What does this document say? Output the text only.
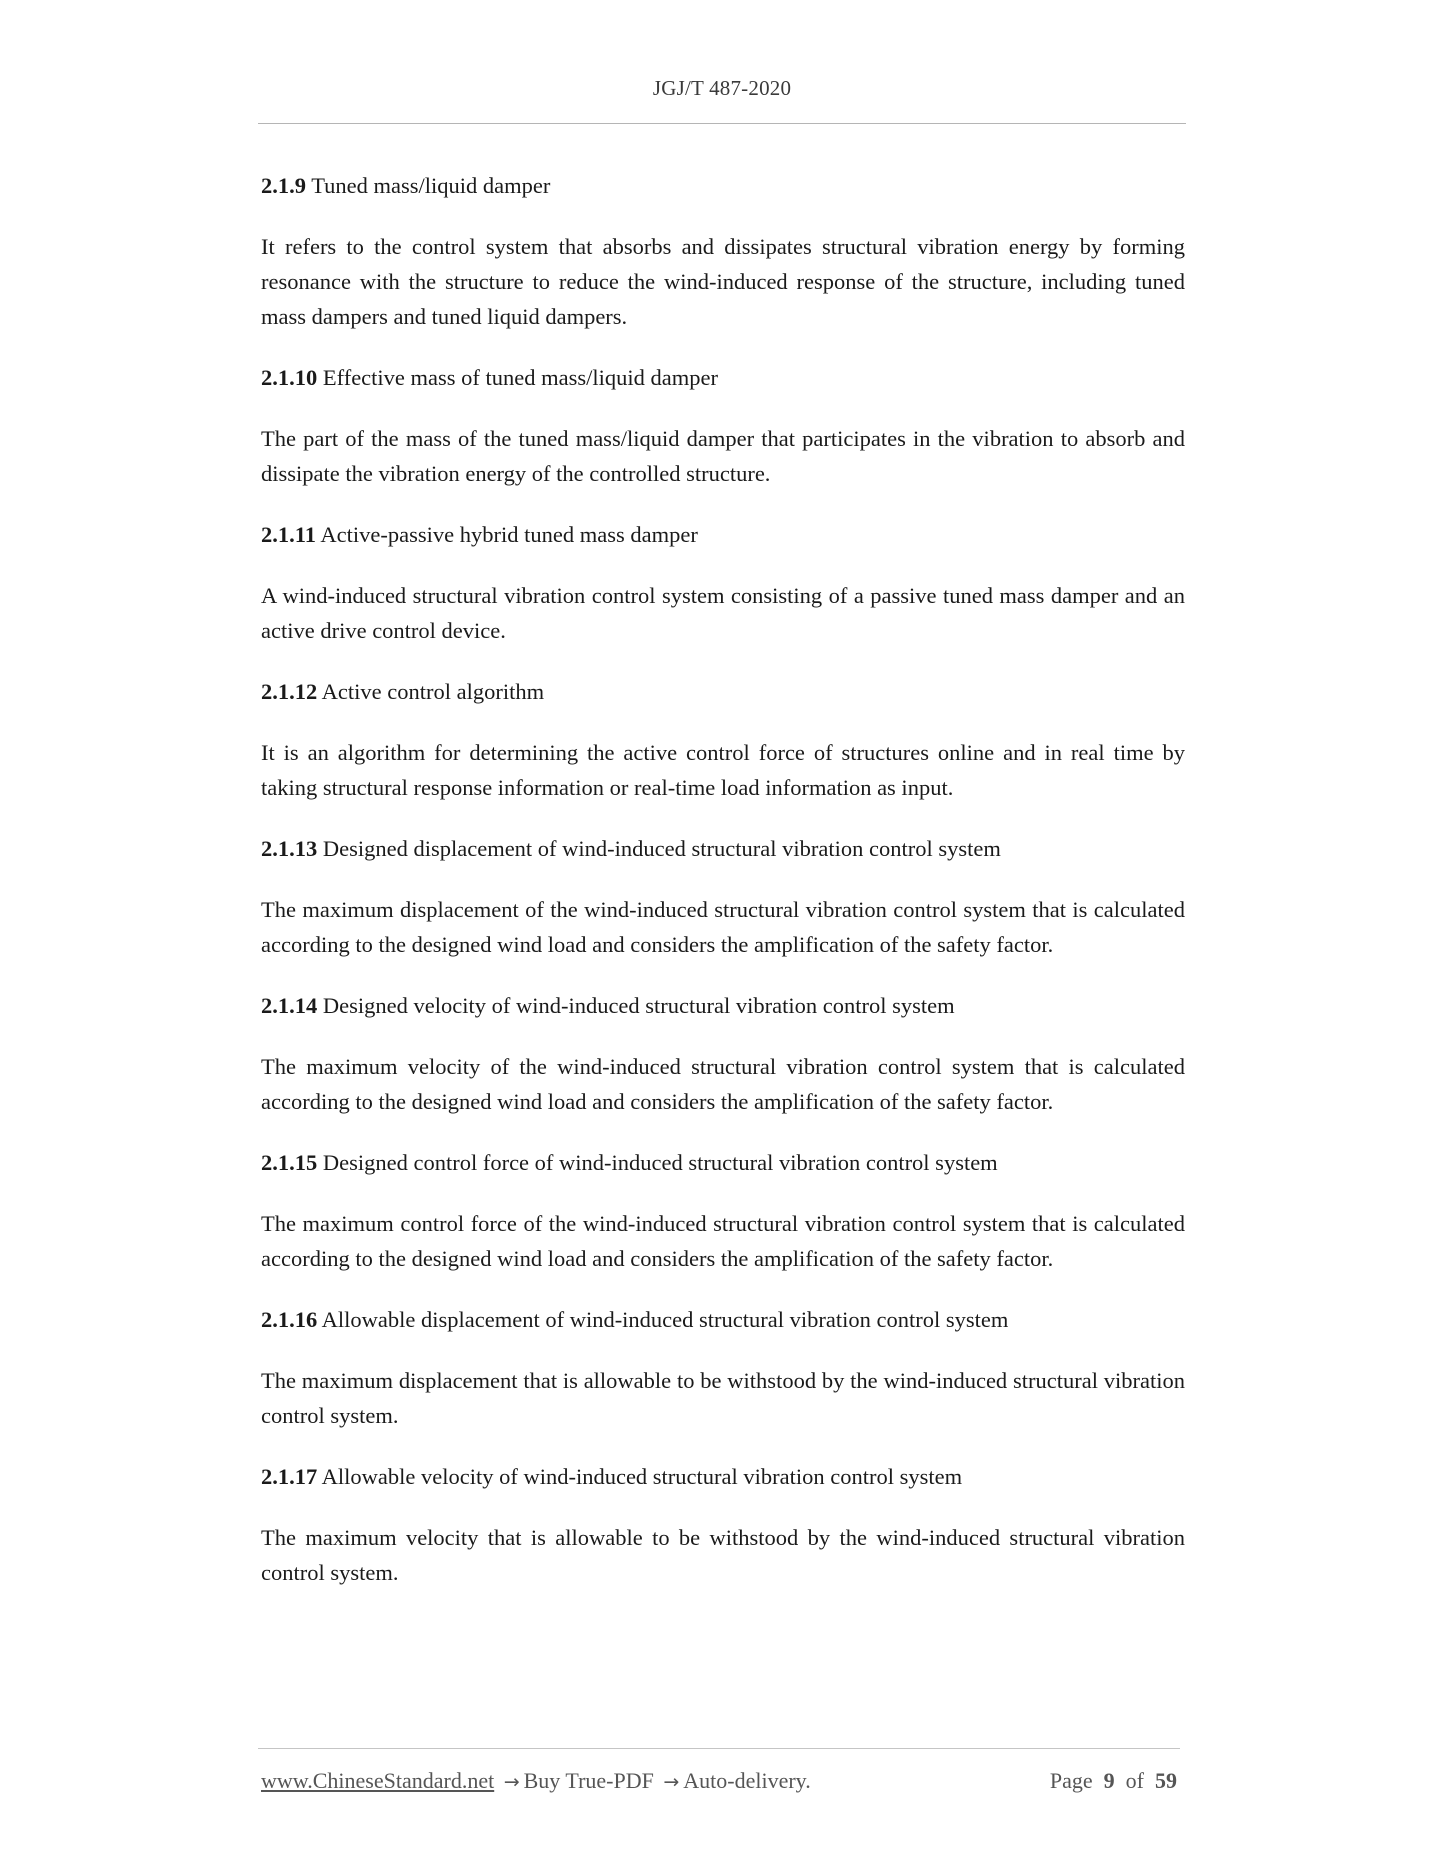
JGJ/T 487-2020
2.1.9 Tuned mass/liquid damper

It refers to the control system that absorbs and dissipates structural vibration energy by forming resonance with the structure to reduce the wind-induced response of the structure, including tuned mass dampers and tuned liquid dampers.

2.1.10 Effective mass of tuned mass/liquid damper

The part of the mass of the tuned mass/liquid damper that participates in the vibration to absorb and dissipate the vibration energy of the controlled structure.

2.1.11 Active-passive hybrid tuned mass damper

A wind-induced structural vibration control system consisting of a passive tuned mass damper and an active drive control device.

2.1.12 Active control algorithm

It is an algorithm for determining the active control force of structures online and in real time by taking structural response information or real-time load information as input.

2.1.13 Designed displacement of wind-induced structural vibration control system

The maximum displacement of the wind-induced structural vibration control system that is calculated according to the designed wind load and considers the amplification of the safety factor.

2.1.14 Designed velocity of wind-induced structural vibration control system

The maximum velocity of the wind-induced structural vibration control system that is calculated according to the designed wind load and considers the amplification of the safety factor.

2.1.15 Designed control force of wind-induced structural vibration control system

The maximum control force of the wind-induced structural vibration control system that is calculated according to the designed wind load and considers the amplification of the safety factor.

2.1.16 Allowable displacement of wind-induced structural vibration control system

The maximum displacement that is allowable to be withstood by the wind-induced structural vibration control system.

2.1.17 Allowable velocity of wind-induced structural vibration control system

The maximum velocity that is allowable to be withstood by the wind-induced structural vibration control system.

www.ChineseStandard.net → Buy True-PDF → Auto-delivery.	Page 9 of 59
